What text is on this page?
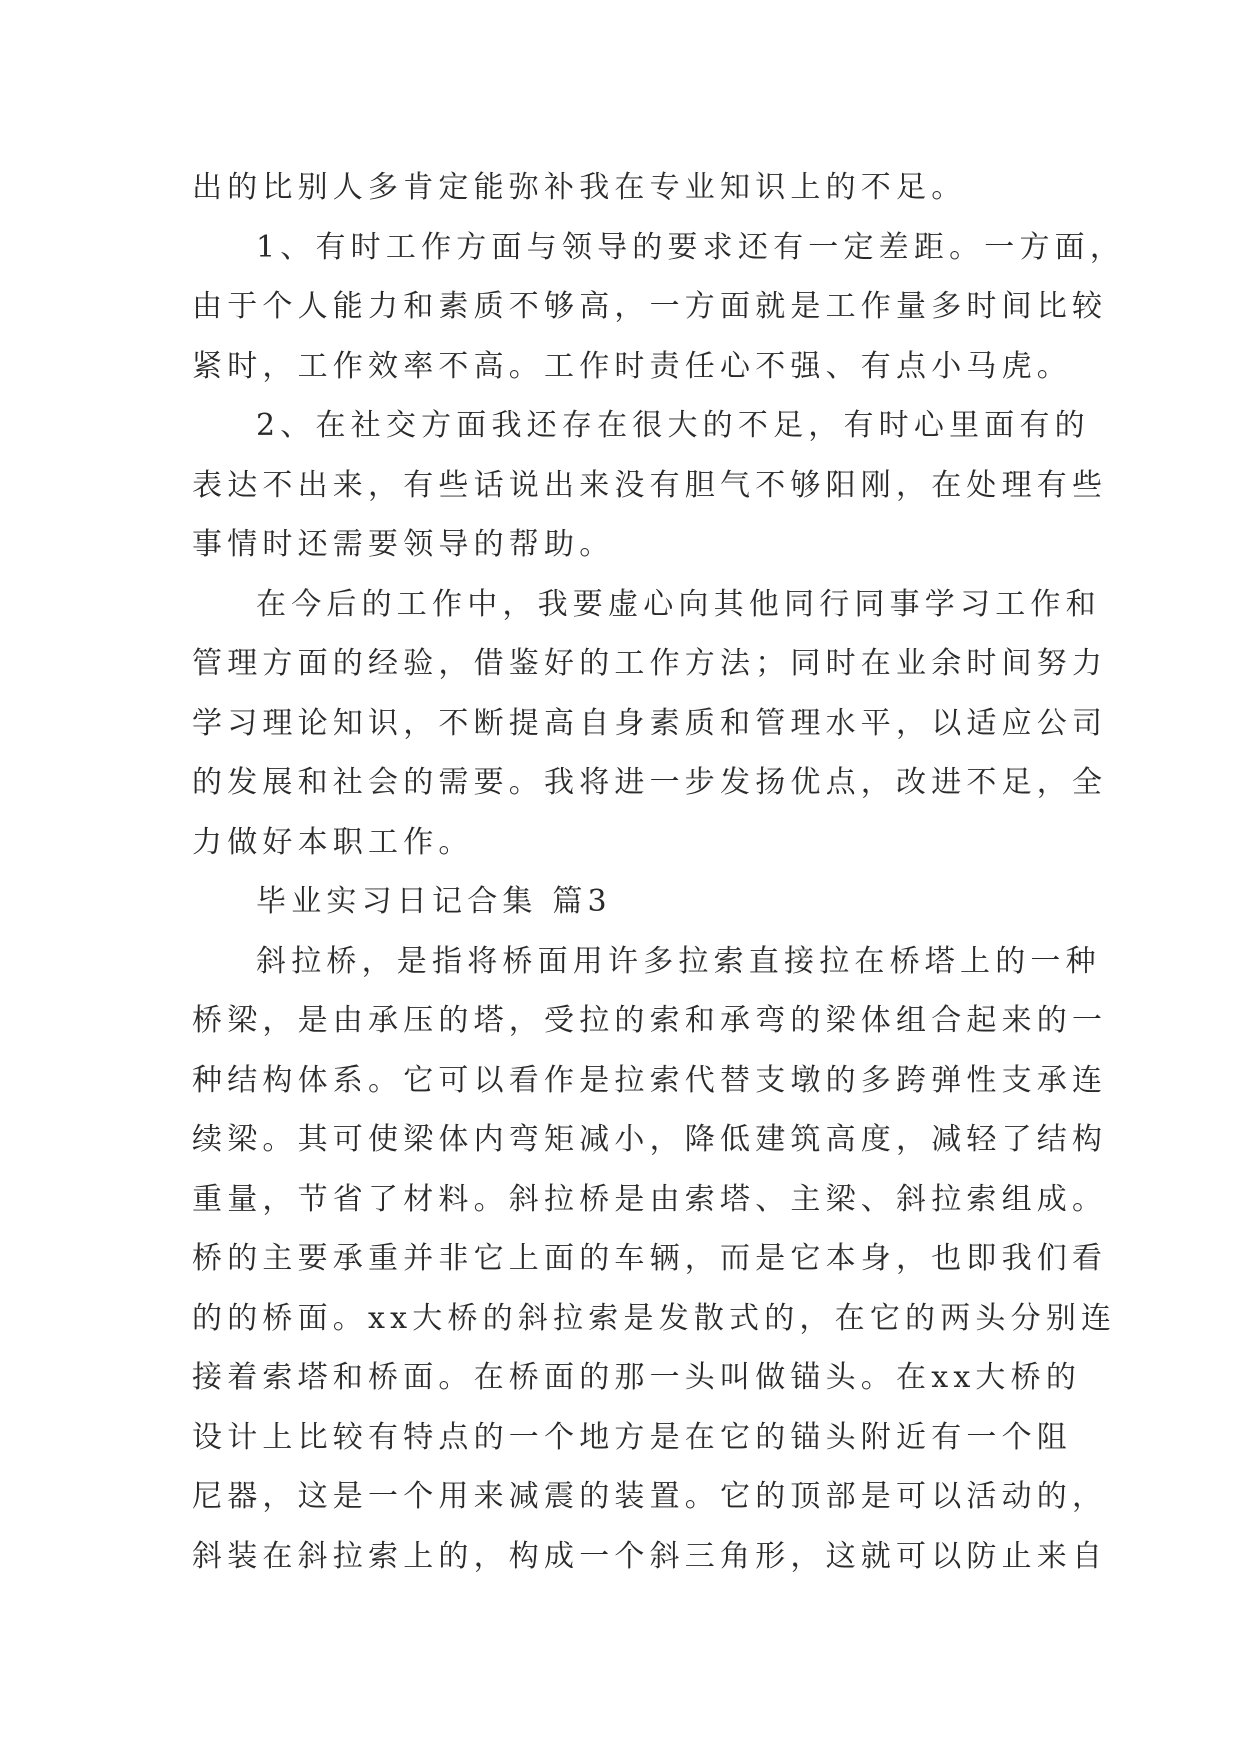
出的比别人多肯定能弥补我在专业知识上的不足。
1、有时工作方面与领导的要求还有一定差距。一方面，
由于个人能力和素质不够高，一方面就是工作量多时间比较
紧时，工作效率不高。工作时责任心不强、有点小马虎。
2、在社交方面我还存在很大的不足，有时心里面有的
表达不出来，有些话说出来没有胆气不够阳刚，在处理有些
事情时还需要领导的帮助。
在今后的工作中，我要虚心向其他同行同事学习工作和
管理方面的经验，借鉴好的工作方法；同时在业余时间努力
学习理论知识，不断提高自身素质和管理水平，以适应公司
的发展和社会的需要。我将进一步发扬优点，改进不足，全
力做好本职工作。
毕业实习日记合集 篇3
斜拉桥，是指将桥面用许多拉索直接拉在桥塔上的一种
桥梁，是由承压的塔，受拉的索和承弯的梁体组合起来的一
种结构体系。它可以看作是拉索代替支墩的多跨弹性支承连
续梁。其可使梁体内弯矩减小，降低建筑高度，减轻了结构
重量，节省了材料。斜拉桥是由索塔、主梁、斜拉索组成。
桥的主要承重并非它上面的车辆，而是它本身，也即我们看
的的桥面。xx大桥的斜拉索是发散式的，在它的两头分别连
接着索塔和桥面。在桥面的那一头叫做锚头。在xx大桥的
设计上比较有特点的一个地方是在它的锚头附近有一个阻
尼器，这是一个用来减震的装置。它的顶部是可以活动的，
斜装在斜拉索上的，构成一个斜三角形，这就可以防止来自
